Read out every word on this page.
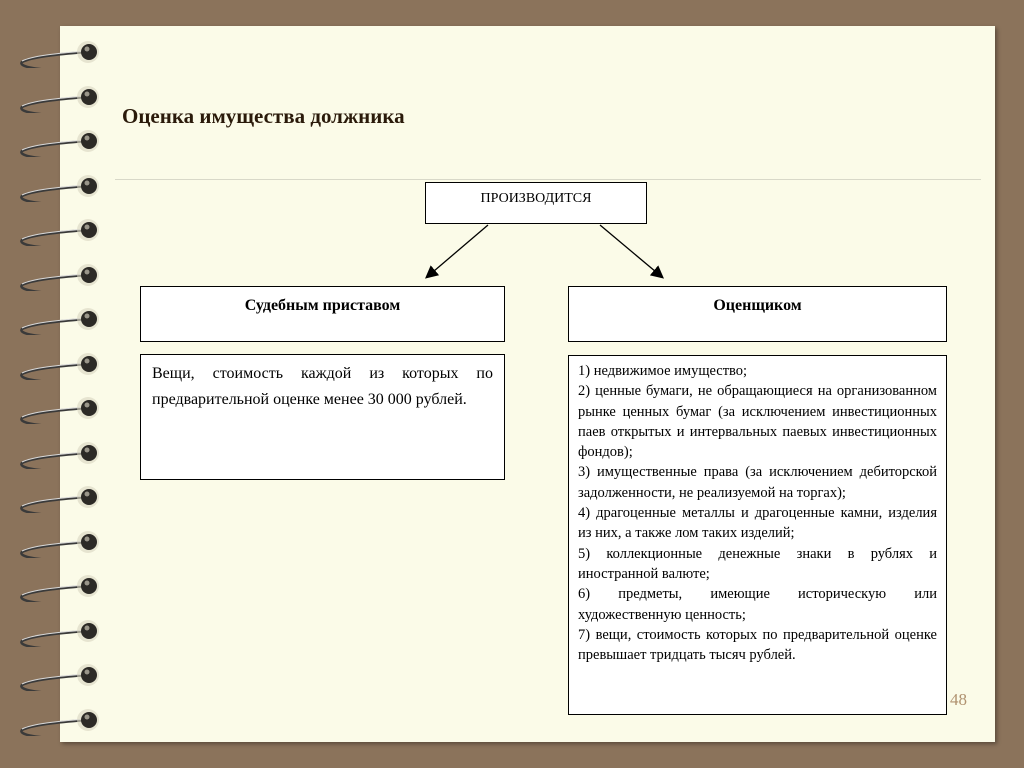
Оценка имущества должника
ПРОИЗВОДИТСЯ
Судебным приставом	Оценщиком
Вещи, стоимость каждой из которых по предварительной оценке менее 30 000 рублей.
1) недвижимое имущество;
2) ценные бумаги, не обращающиеся на организованном рынке ценных бумаг (за исключением инвестиционных паев открытых и интервальных паевых инвестиционных фондов);
3) имущественные права (за исключением дебиторской задолженности, не реализуемой на торгах);
4) драгоценные металлы и драгоценные камни, изделия из них, а также лом таких изделий;
5) коллекционные денежные знаки в рублях и иностранной валюте;
6) предметы, имеющие историческую или художественную ценность;
7) вещи, стоимость которых по предварительной оценке превышает тридцать тысяч рублей.
48
